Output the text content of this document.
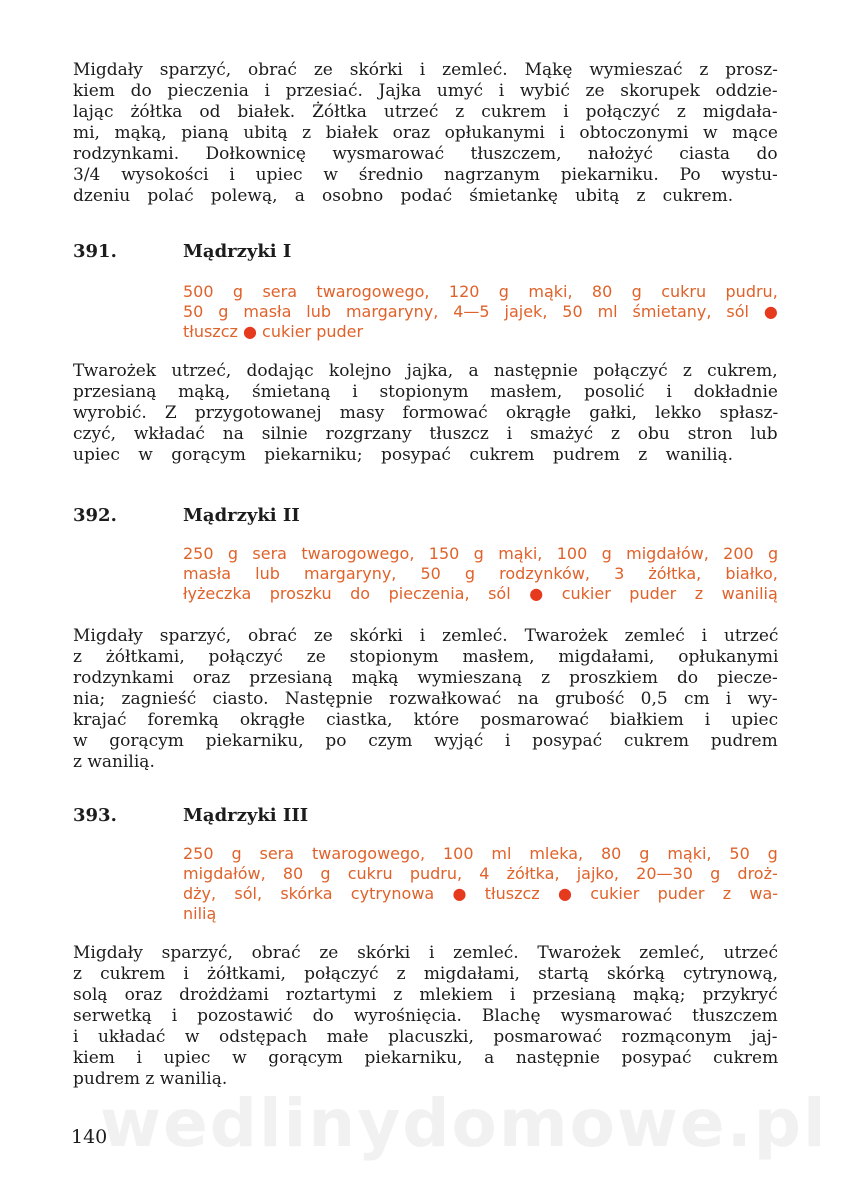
Migdały sparzyć, obrać ze skórki i zemleć. Mąkę wymieszać z prosz-

kiem do pieczenia i przesiać. Jajka umyć i wybić ze skorupek oddzie-

lając żółtka od białek. Żółtka utrzeć z cukrem i połączyć z migdała-

mi, mąką, pianą ubitą z białek oraz opłukanymi i obtoczonymi w mące

rodzynkami. Dołkownicę wysmarować tłuszczem, nałożyć ciasta do

3/4 wysokości i upiec w średnio nagrzanym piekarniku. Po wystu-

dzeniu polać polewą, a osobno podać śmietankę ubitą z cukrem.

391.	Mądrzyki I

500 g sera twarogowego, 120 g mąki, 80 g cukru pudru,

50 g masła lub margaryny, 4—5 jajek, 50 ml śmietany, sól ●

tłuszcz ● cukier puder

Twarożek utrzeć, dodając kolejno jajka, a następnie połączyć z cukrem,

przesianą mąką, śmietaną i stopionym masłem, posolić i dokładnie

wyrobić. Z przygotowanej masy formować okrągłe gałki, lekko spłasz-

czyć, wkładać na silnie rozgrzany tłuszcz i smażyć z obu stron lub

upiec w gorącym piekarniku; posypać cukrem pudrem z wanilią.

392.	Mądrzyki II

250 g sera twarogowego, 150 g mąki, 100 g migdałów, 200 g

masła lub margaryny, 50 g rodzynków, 3 żółtka, białko,

łyżeczka proszku do pieczenia, sól ● cukier puder z wanilią

Migdały sparzyć, obrać ze skórki i zemleć. Twarożek zemleć i utrzeć

z żółtkami, połączyć ze stopionym masłem, migdałami, opłukanymi

rodzynkami oraz przesianą mąką wymieszaną z proszkiem do piecze-

nia; zagnieść ciasto. Następnie rozwałkować na grubość 0,5 cm i wy-

krajać foremką okrągłe ciastka, które posmarować białkiem i upiec

w gorącym piekarniku, po czym wyjąć i posypać cukrem pudrem

z wanilią.

393.	Mądrzyki III

250 g sera twarogowego, 100 ml mleka, 80 g mąki, 50 g

migdałów, 80 g cukru pudru, 4 żółtka, jajko, 20—30 g droż-

dży, sól, skórka cytrynowa ● tłuszcz ● cukier puder z wa-

nilią

Migdały sparzyć, obrać ze skórki i zemleć. Twarożek zemleć, utrzeć

z cukrem i żółtkami, połączyć z migdałami, startą skórką cytrynową,

solą oraz drożdżami roztartymi z mlekiem i przesianą mąką; przykryć

serwetką i pozostawić do wyrośnięcia. Blachę wysmarować tłuszczem

i układać w odstępach małe placuszki, posmarować rozmąconym jaj-

kiem i upiec w gorącym piekarniku, a następnie posypać cukrem

pudrem z wanilią.

wedlinydomowe.pl
140
